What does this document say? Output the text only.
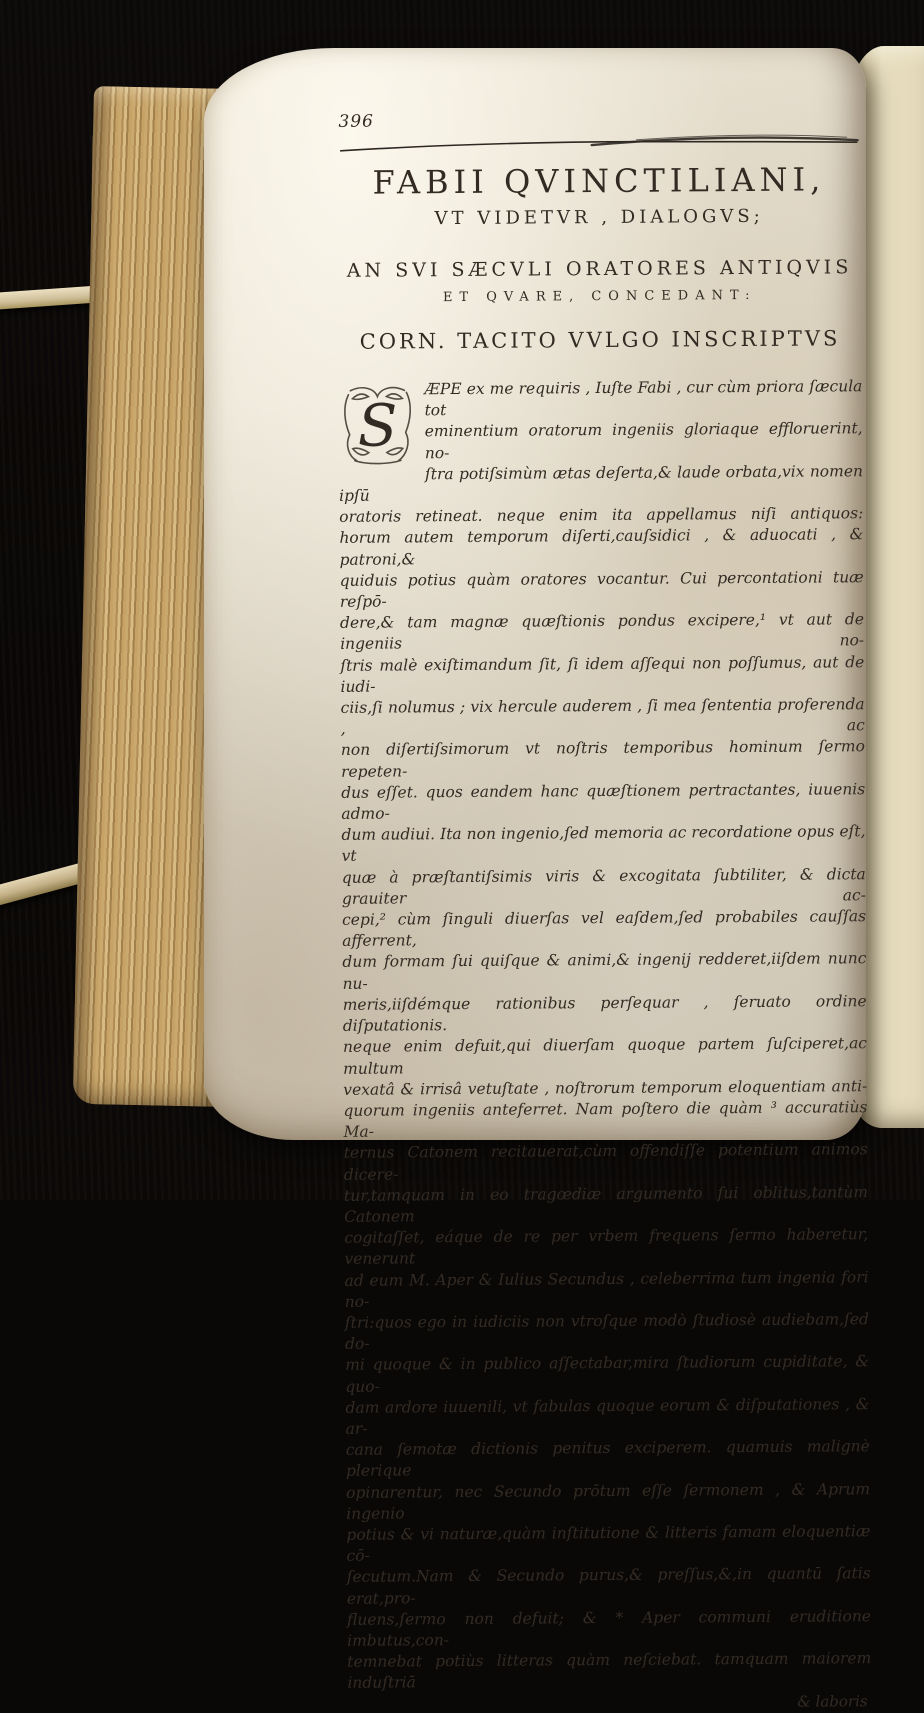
396
FABII QVINCTILIANI,
VT VIDETVR , DIALOGVS;
AN SVI SÆCVLI ORATORES ANTIQVIS
ET QVARE, CONCEDANT:
CORN. TACITO VVLGO INSCRIPTVS
S
ÆPE ex me requiris , Iuſte Fabi , cur cùm priora ſæcula tot
eminentium oratorum ingeniis gloriaque effloruerint, no-
ſtra potiſsimùm ætas deſerta,& laude orbata,vix nomen ipſū
oratoris retineat. neque enim ita appellamus niſi antiquos:
horum autem temporum diſerti,cauſsidici , & aduocati , & patroni,&
quiduis potius quàm oratores vocantur. Cui percontationi tuæ reſpō-
dere,& tam magnæ quæſtionis pondus excipere,¹ vt aut de ingeniis no-
ſtris malè exiſtimandum ſit, ſi idem aſſequi non poſſumus, aut de iudi-
ciis,ſi nolumus ; vix hercule auderem , ſi mea ſententia proferenda , ac
non diſertiſsimorum vt noſtris temporibus hominum ſermo repeten-
dus eſſet. quos eandem hanc quæſtionem pertractantes, iuuenis admo-
dum audiui. Ita non ingenio,ſed memoria ac recordatione opus eſt, vt
quæ à præſtantiſsimis viris & excogitata ſubtiliter, & dicta grauiter ac-
cepi,² cùm ſinguli diuerſas vel eaſdem,ſed probabiles cauſſas afferrent,
dum formam ſui quiſque & animi,& ingenij redderet,iiſdem nunc nu-
meris,iiſdémque rationibus perſequar , ſeruato ordine diſputationis.
neque enim defuit,qui diuerſam quoque partem ſuſciperet,ac multum
vexatâ & irrisâ vetuſtate , noſtrorum temporum eloquentiam anti-
quorum ingeniis anteferret. Nam poſtero die quàm ³ accuratiùs Ma-
ternus Catonem recitauerat,cùm offendiſſe potentium animos dicere-
tur,tamquam in eo tragœdiæ argumento ſui oblitus,tantùm Catonem
cogitaſſet, eáque de re per vrbem frequens ſermo haberetur, venerunt
ad eum M. Aper & Iulius Secundus , celeberrima tum ingenia fori no-
ſtri:quos ego in iudiciis non vtroſque modò ſtudiosè audiebam,ſed do-
mi quoque & in publico aſſectabar,mira ſtudiorum cupiditate, & quo-
dam ardore iuuenili, vt fabulas quoque eorum & diſputationes , & ar-
cana ſemotæ dictionis penitus exciperem. quamuis malignè plerique
opinarentur, nec Secundo prōtum eſſe ſermonem , & Aprum ingenio
potius & vi naturæ,quàm inſtitutione & litteris famam eloquentiæ cō-
ſecutum.Nam & Secundo purus,& preſſus,&,in quantū ſatis erat,pro-
fluens,ſermo non defuit; & * Aper communi eruditione imbutus,con-
temnebat potiùs litteras quàm neſciebat. tamquam maiorem induſtriā
& laboris
